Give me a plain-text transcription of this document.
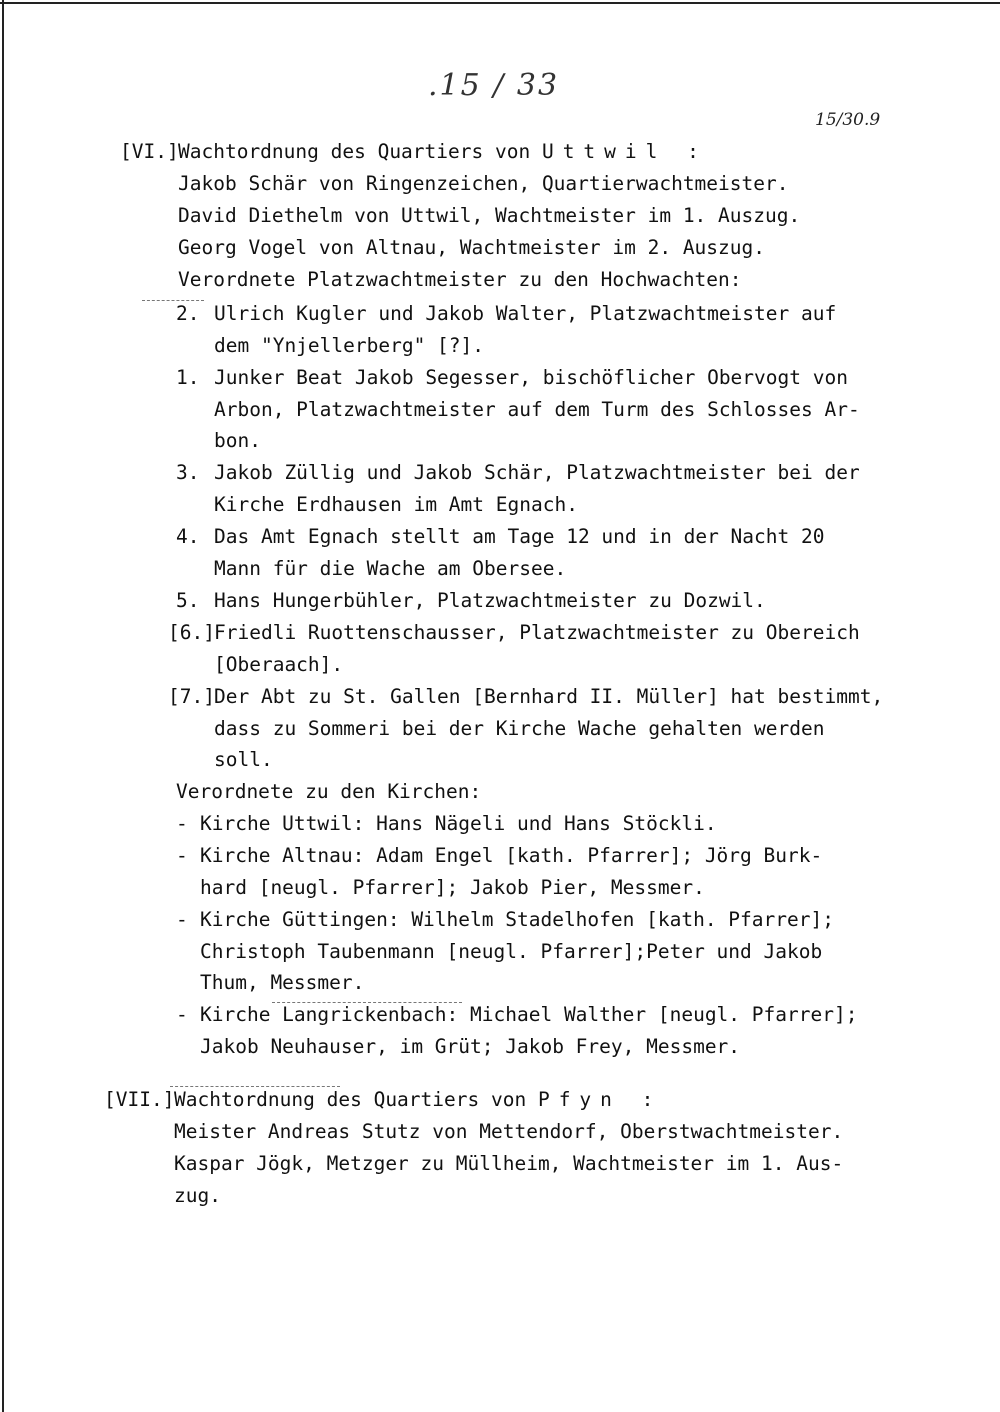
.15 / 33
15/30.9
[VI.] Wachtordnung des Quartiers von Uttwil :
Jakob Schär von Ringenzeichen, Quartierwachtmeister.
David Diethelm von Uttwil, Wachtmeister im 1. Auszug.
Georg Vogel von Altnau, Wachtmeister im 2. Auszug.
Verordnete Platzwachtmeister zu den Hochwachten:
2. Ulrich Kugler und Jakob Walter, Platzwachtmeister auf
dem "Ynjellerberg" [?].
1. Junker Beat Jakob Segesser, bischöflicher Obervogt von
Arbon, Platzwachtmeister auf dem Turm des Schlosses Ar-
bon.
3. Jakob Züllig und Jakob Schär, Platzwachtmeister bei der
Kirche Erdhausen im Amt Egnach.
4. Das Amt Egnach stellt am Tage 12 und in der Nacht 20
Mann für die Wache am Obersee.
5. Hans Hungerbühler, Platzwachtmeister zu Dozwil.
[6.] Friedli Ruottenschausser, Platzwachtmeister zu Obereich
[Oberaach].
[7.] Der Abt zu St. Gallen [Bernhard II. Müller] hat bestimmt,
dass zu Sommeri bei der Kirche Wache gehalten werden
soll.
Verordnete zu den Kirchen:
- Kirche Uttwil: Hans Nägeli und Hans Stöckli.
- Kirche Altnau: Adam Engel [kath. Pfarrer]; Jörg Burk-
hard [neugl. Pfarrer]; Jakob Pier, Messmer.
- Kirche Güttingen: Wilhelm Stadelhofen [kath. Pfarrer];
Christoph Taubenmann [neugl. Pfarrer];Peter und Jakob
Thum, Messmer.
- Kirche Langrickenbach: Michael Walther [neugl. Pfarrer];
Jakob Neuhauser, im Grüt; Jakob Frey, Messmer.
[VII.] Wachtordnung des Quartiers von Pfyn :
Meister Andreas Stutz von Mettendorf, Oberstwachtmeister.
Kaspar Jögk, Metzger zu Müllheim, Wachtmeister im 1. Aus-
zug.
